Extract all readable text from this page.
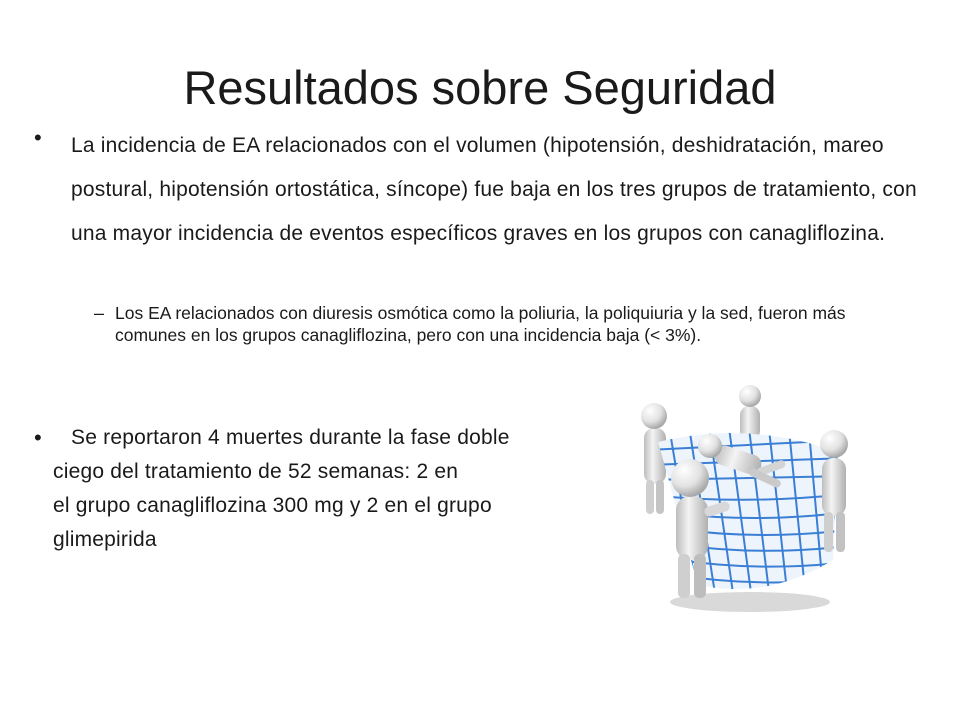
Resultados sobre Seguridad
• La incidencia de EA relacionados con el volumen (hipotensión, deshidratación, mareo postural, hipotensión ortostática, síncope) fue baja en los tres grupos de tratamiento, con una mayor incidencia de eventos específicos graves en los grupos con canagliflozina.
– Los EA relacionados con diuresis osmótica como la poliuria, la poliquiuria y la sed, fueron más comunes en los grupos canagliflozina, pero con una incidencia baja (< 3%).
•	Se reportaron 4 muertes durante la fase doble
ciego del tratamiento de 52 semanas: 2 en
el grupo canagliflozina 300 mg y 2 en el grupo
glimepirida
